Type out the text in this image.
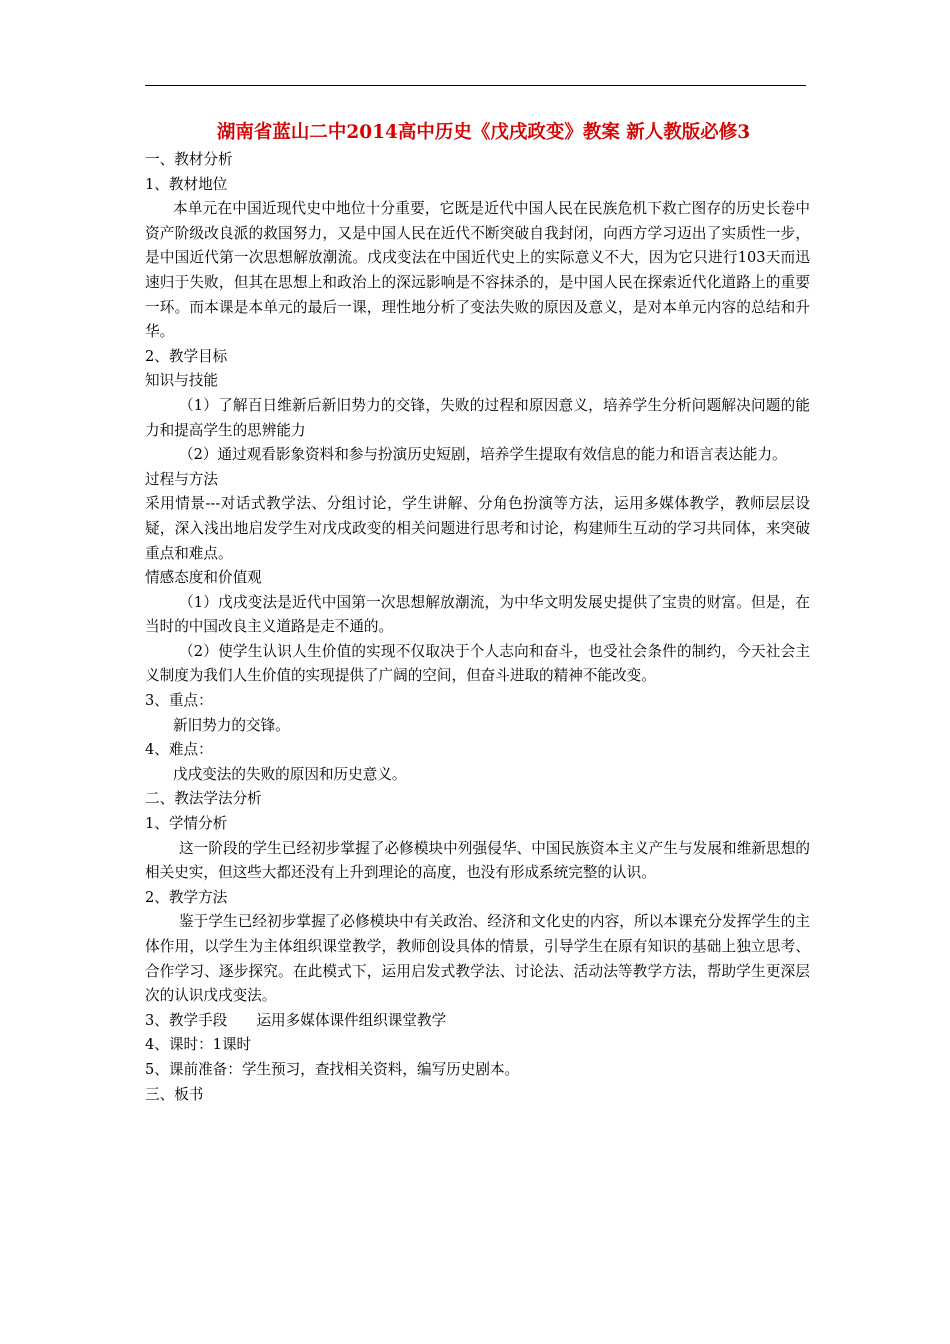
湖南省蓝山二中2014高中历史《戊戌政变》教案 新人教版必修3

一、教材分析

1、教材地位

本单元在中国近现代史中地位十分重要，它既是近代中国人民在民族危机下救亡图存的历史长卷中资产阶级改良派的救国努力，又是中国人民在近代不断突破自我封闭，向西方学习迈出了实质性一步，是中国近代第一次思想解放潮流。戊戌变法在中国近代史上的实际意义不大，因为它只进行103天而迅速归于失败，但其在思想上和政治上的深远影响是不容抹杀的，是中国人民在探索近代化道路上的重要一环。而本课是本单元的最后一课，理性地分析了变法失败的原因及意义，是对本单元内容的总结和升华。

2、教学目标

知识与技能

（1）了解百日维新后新旧势力的交锋，失败的过程和原因意义，培养学生分析问题解决问题的能力和提高学生的思辨能力

（2）通过观看影象资料和参与扮演历史短剧，培养学生提取有效信息的能力和语言表达能力。

过程与方法

采用情景---对话式教学法、分组讨论，学生讲解、分角色扮演等方法，运用多媒体教学，教师层层设疑，深入浅出地启发学生对戊戌政变的相关问题进行思考和讨论，构建师生互动的学习共同体，来突破重点和难点。

情感态度和价值观

（1）戊戌变法是近代中国第一次思想解放潮流，为中华文明发展史提供了宝贵的财富。但是，在当时的中国改良主义道路是走不通的。

（2）使学生认识人生价值的实现不仅取决于个人志向和奋斗，也受社会条件的制约，今天社会主义制度为我们人生价值的实现提供了广阔的空间，但奋斗进取的精神不能改变。

3、重点：

新旧势力的交锋。

4、难点：

戊戌变法的失败的原因和历史意义。

二、教法学法分析

1、学情分析

这一阶段的学生已经初步掌握了必修模块中列强侵华、中国民族资本主义产生与发展和维新思想的相关史实，但这些大都还没有上升到理论的高度，也没有形成系统完整的认识。

2、教学方法

鉴于学生已经初步掌握了必修模块中有关政治、经济和文化史的内容，所以本课充分发挥学生的主体作用，以学生为主体组织课堂教学，教师创设具体的情景，引导学生在原有知识的基础上独立思考、合作学习、逐步探究。在此模式下，运用启发式教学法、讨论法、活动法等教学方法，帮助学生更深层次的认识戊戌变法。

3、教学手段　　运用多媒体课件组织课堂教学

4、课时：1课时

5、课前准备：学生预习，查找相关资料，编写历史剧本。

三、板书
